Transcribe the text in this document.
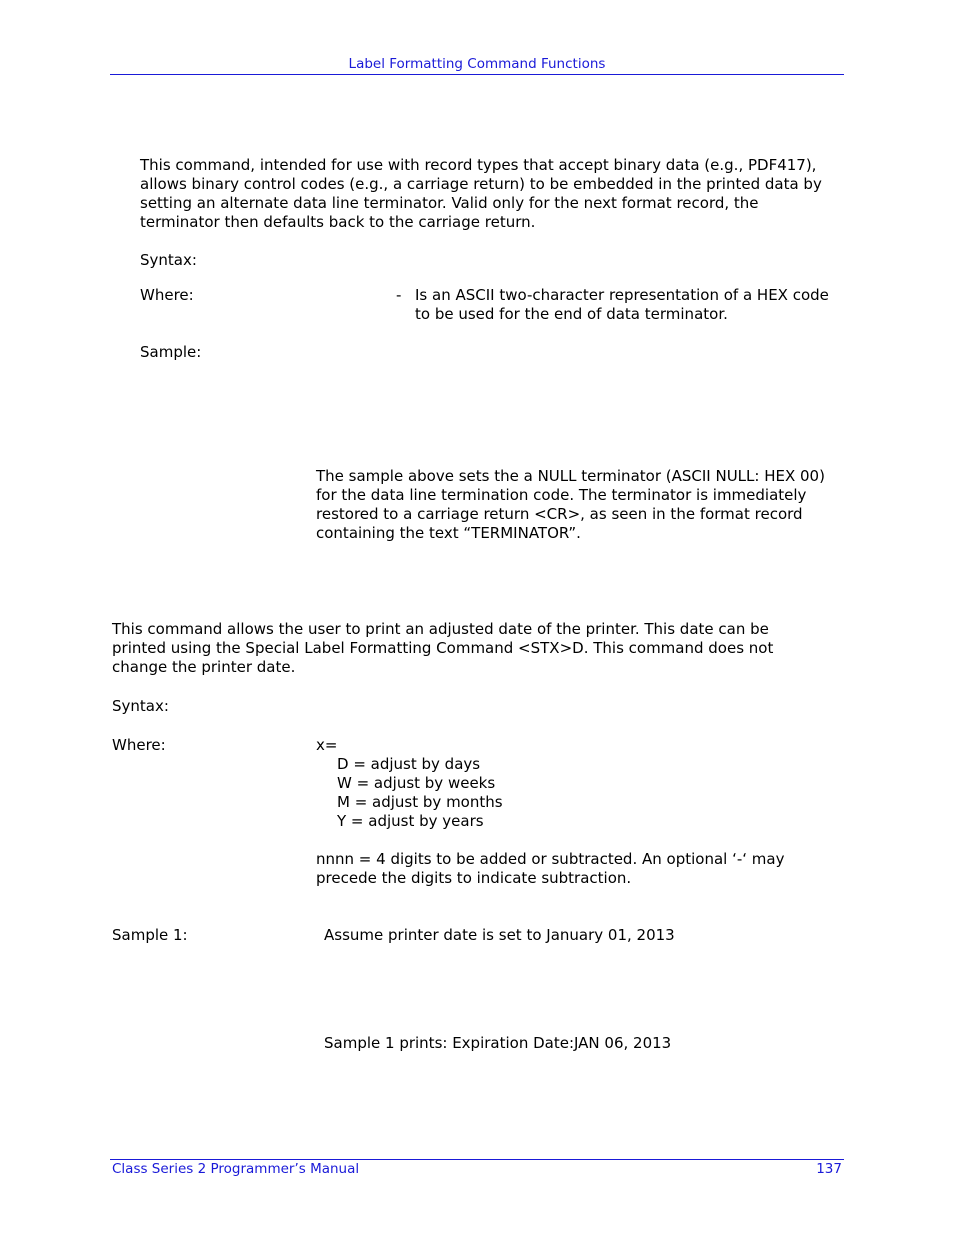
Label Formatting Command Functions
This command, intended for use with record types that accept binary data (e.g., PDF417), allows binary control codes (e.g., a carriage return) to be embedded in the printed data by setting an alternate data line terminator. Valid only for the next format record, the terminator then defaults back to the carriage return.
Syntax:
Where:	- Is an ASCII two-character representation of a HEX code to be used for the end of data terminator.
Sample:
The sample above sets the a NULL terminator (ASCII NULL: HEX 00) for the data line termination code. The terminator is immediately restored to a carriage return <CR>, as seen in the format record containing the text “TERMINATOR”.
This command allows the user to print an adjusted date of the printer. This date can be printed using the Special Label Formatting Command <STX>D. This command does not change the printer date.
Syntax:
Where:	x=
D = adjust by days
W = adjust by weeks
M = adjust by months
Y = adjust by years
nnnn = 4 digits to be added or subtracted. An optional ‘-‘ may precede the digits to indicate subtraction.
Sample 1:	Assume printer date is set to January 01, 2013
Sample 1 prints: Expiration Date:JAN 06, 2013
Class Series 2 Programmer’s Manual	137
